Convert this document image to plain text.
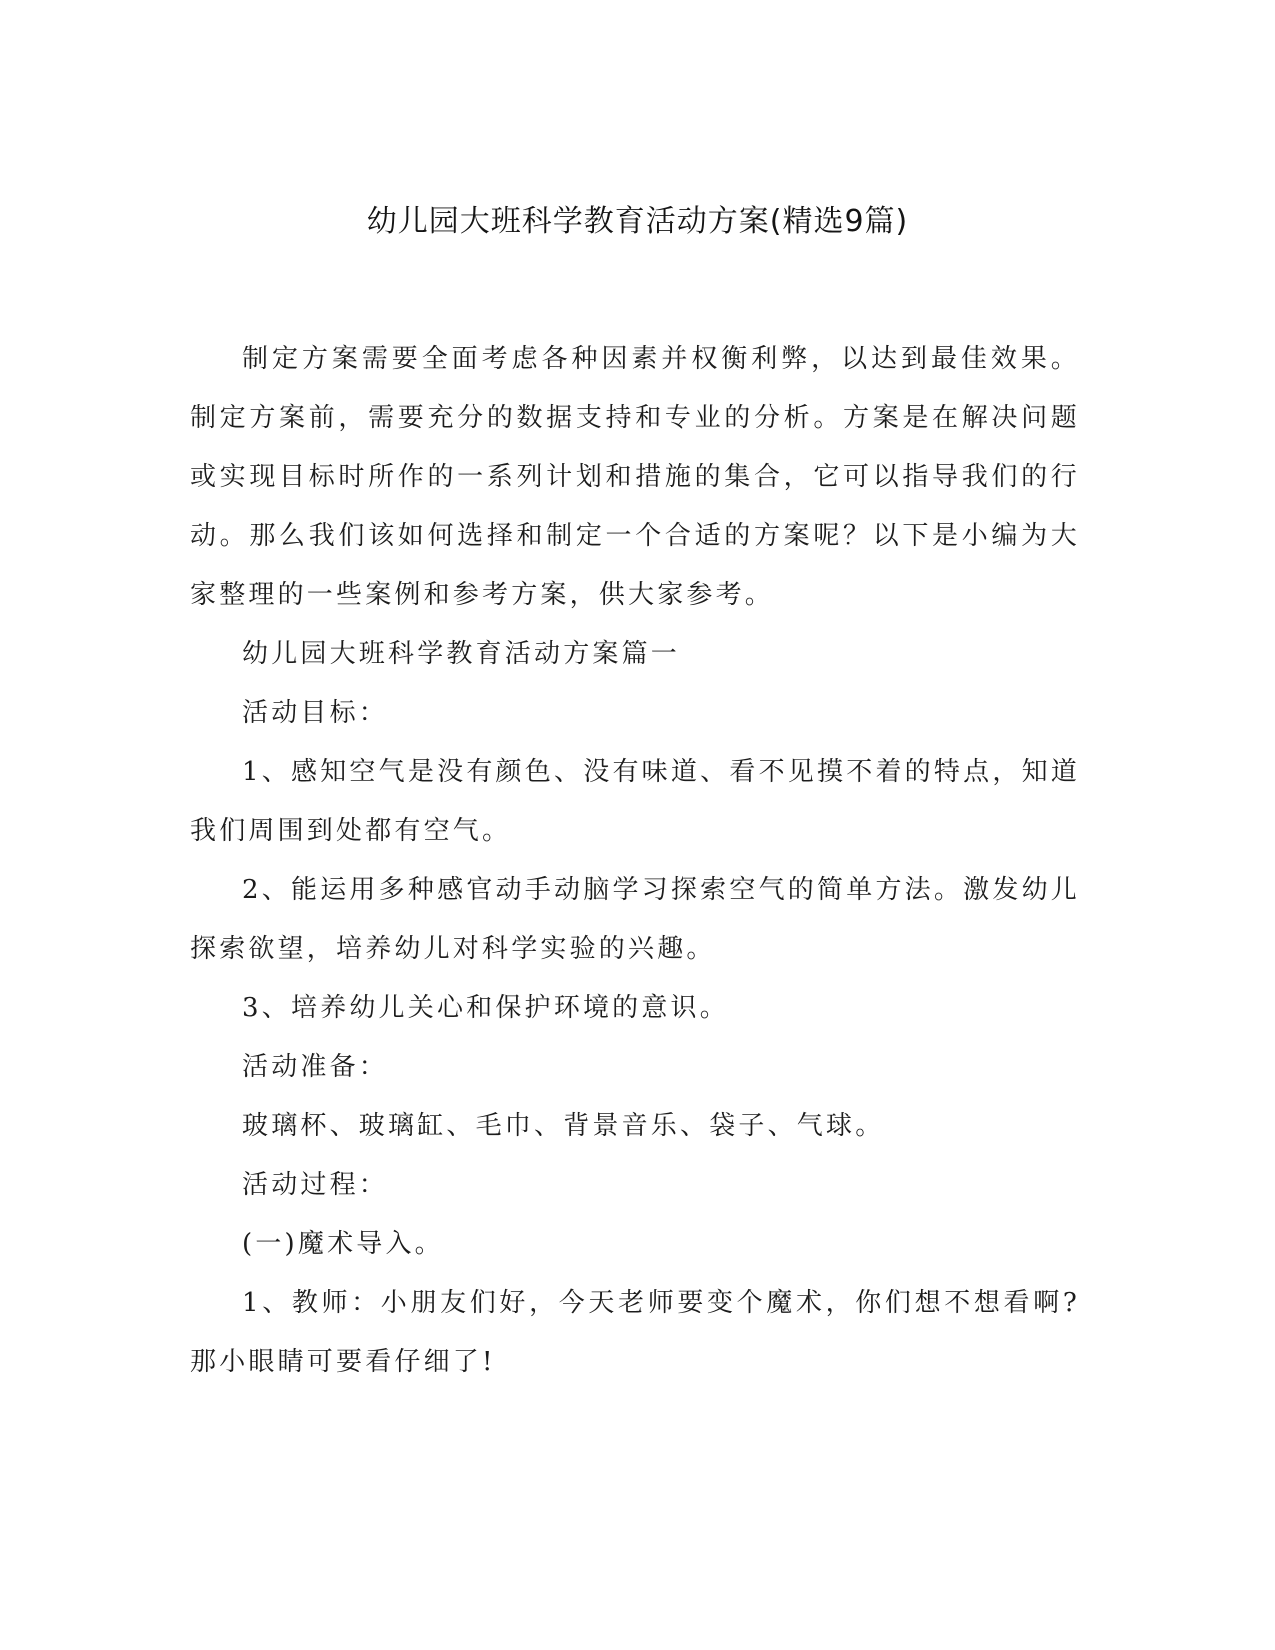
幼儿园大班科学教育活动方案(精选9篇)

制定方案需要全面考虑各种因素并权衡利弊，以达到最佳效果。制定方案前，需要充分的数据支持和专业的分析。方案是在解决问题或实现目标时所作的一系列计划和措施的集合，它可以指导我们的行动。那么我们该如何选择和制定一个合适的方案呢？以下是小编为大家整理的一些案例和参考方案，供大家参考。

幼儿园大班科学教育活动方案篇一

活动目标：

1、感知空气是没有颜色、没有味道、看不见摸不着的特点，知道我们周围到处都有空气。

2、能运用多种感官动手动脑学习探索空气的简单方法。激发幼儿探索欲望，培养幼儿对科学实验的兴趣。

3、培养幼儿关心和保护环境的意识。

活动准备：

玻璃杯、玻璃缸、毛巾、背景音乐、袋子、气球。

活动过程：

(一)魔术导入。

1、教师：小朋友们好，今天老师要变个魔术，你们想不想看啊?那小眼睛可要看仔细了!
